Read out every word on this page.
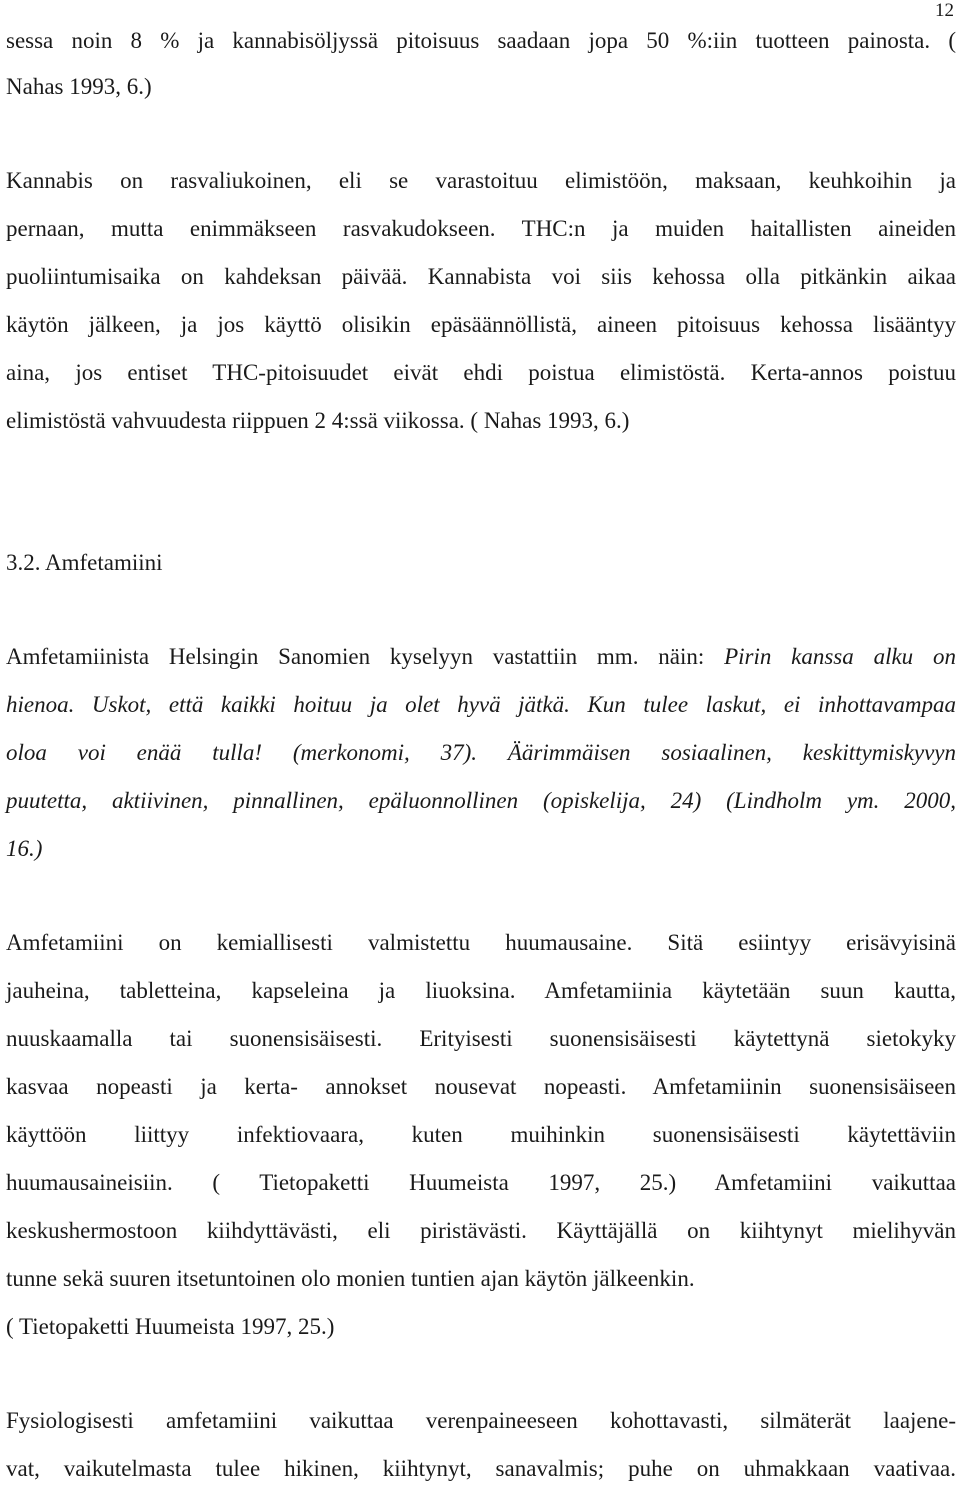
12
sessa noin 8 % ja kannabisöljyssä pitoisuus saadaan jopa 50 %:iin tuotteen painosta. (
Nahas 1993, 6.)
Kannabis on rasvaliukoinen, eli se varastoituu elimistöön, maksaan, keuhkoihin ja
pernaan, mutta enimmäkseen rasvakudokseen. THC:n ja muiden haitallisten aineiden
puoliintumisaika on kahdeksan päivää. Kannabista voi siis kehossa olla pitkänkin aikaa
käytön jälkeen, ja jos käyttö olisikin epäsäännöllistä, aineen pitoisuus kehossa lisääntyy
aina, jos entiset THC-pitoisuudet eivät ehdi poistua elimistöstä. Kerta-annos poistuu
elimistöstä vahvuudesta riippuen 2 4:ssä viikossa. ( Nahas 1993, 6.)
3.2. Amfetamiini
Amfetamiinista Helsingin Sanomien kyselyyn vastattiin mm. näin: Pirin kanssa alku on
hienoa. Uskot, että kaikki hoituu ja olet hyvä jätkä. Kun tulee laskut, ei inhottavampaa
oloa voi enää tulla! (merkonomi, 37). Äärimmäisen sosiaalinen, keskittymiskyvyn
puutetta, aktiivinen, pinnallinen, epäluonnollinen (opiskelija, 24) (Lindholm ym. 2000,
16.)
Amfetamiini on kemiallisesti valmistettu huumausaine. Sitä esiintyy erisävyisinä
jauheina, tabletteina, kapseleina ja liuoksina. Amfetamiinia käytetään suun kautta,
nuuskaamalla tai suonensisäisesti. Erityisesti suonensisäisesti käytettynä sietokyky
kasvaa nopeasti ja kerta- annokset nousevat nopeasti. Amfetamiinin suonensisäiseen
käyttöön liittyy infektiovaara, kuten muihinkin suonensisäisesti käytettäviin
huumausaineisiin. ( Tietopaketti Huumeista 1997, 25.) Amfetamiini vaikuttaa
keskushermostoon kiihdyttävästi, eli piristävästi. Käyttäjällä on kiihtynyt mielihyvän
tunne sekä suuren itsetuntoinen olo monien tuntien ajan käytön jälkeenkin.
( Tietopaketti Huumeista 1997, 25.)
Fysiologisesti amfetamiini vaikuttaa verenpaineeseen kohottavasti, silmäterät laajene-
vat, vaikutelmasta tulee hikinen, kiihtynyt, sanavalmis; puhe on uhmakkaan vaativaa.
